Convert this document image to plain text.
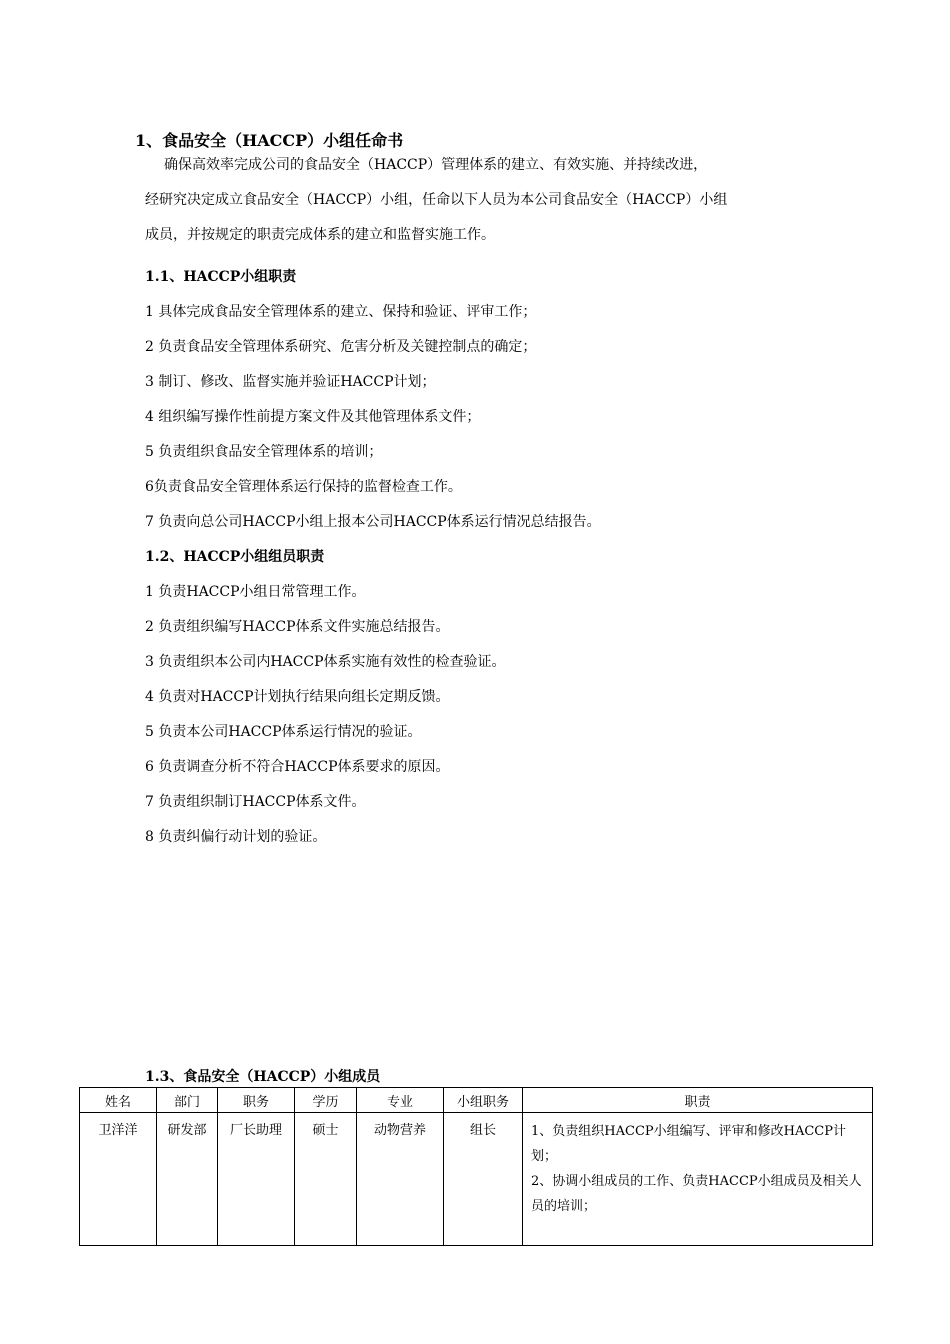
1、食品安全（HACCP）小组任命书
确保高效率完成公司的食品安全（HACCP）管理体系的建立、有效实施、并持续改进，
经研究决定成立食品安全（HACCP）小组，任命以下人员为本公司食品安全（HACCP）小组
成员，并按规定的职责完成体系的建立和监督实施工作。
1.1、HACCP小组职责
1 具体完成食品安全管理体系的建立、保持和验证、评审工作；
2 负责食品安全管理体系研究、危害分析及关键控制点的确定；
3 制订、修改、监督实施并验证HACCP计划；
4 组织编写操作性前提方案文件及其他管理体系文件；
5 负责组织食品安全管理体系的培训；
6负责食品安全管理体系运行保持的监督检查工作。
7 负责向总公司HACCP小组上报本公司HACCP体系运行情况总结报告。
1.2、HACCP小组组员职责
1 负责HACCP小组日常管理工作。
2 负责组织编写HACCP体系文件实施总结报告。
3 负责组织本公司内HACCP体系实施有效性的检查验证。
4 负责对HACCP计划执行结果向组长定期反馈。
5 负责本公司HACCP体系运行情况的验证。
6 负责调查分析不符合HACCP体系要求的原因。
7 负责组织制订HACCP体系文件。
8 负责纠偏行动计划的验证。
1.3、食品安全（HACCP）小组成员
姓名	部门	职务	学历	专业	小组职务	职责
卫洋洋	研发部	厂长助理	硕士	动物营养	组长	1、负责组织HACCP小组编写、评审和修改HACCP计划；
2、协调小组成员的工作、负责HACCP小组成员及相关人员的培训；
